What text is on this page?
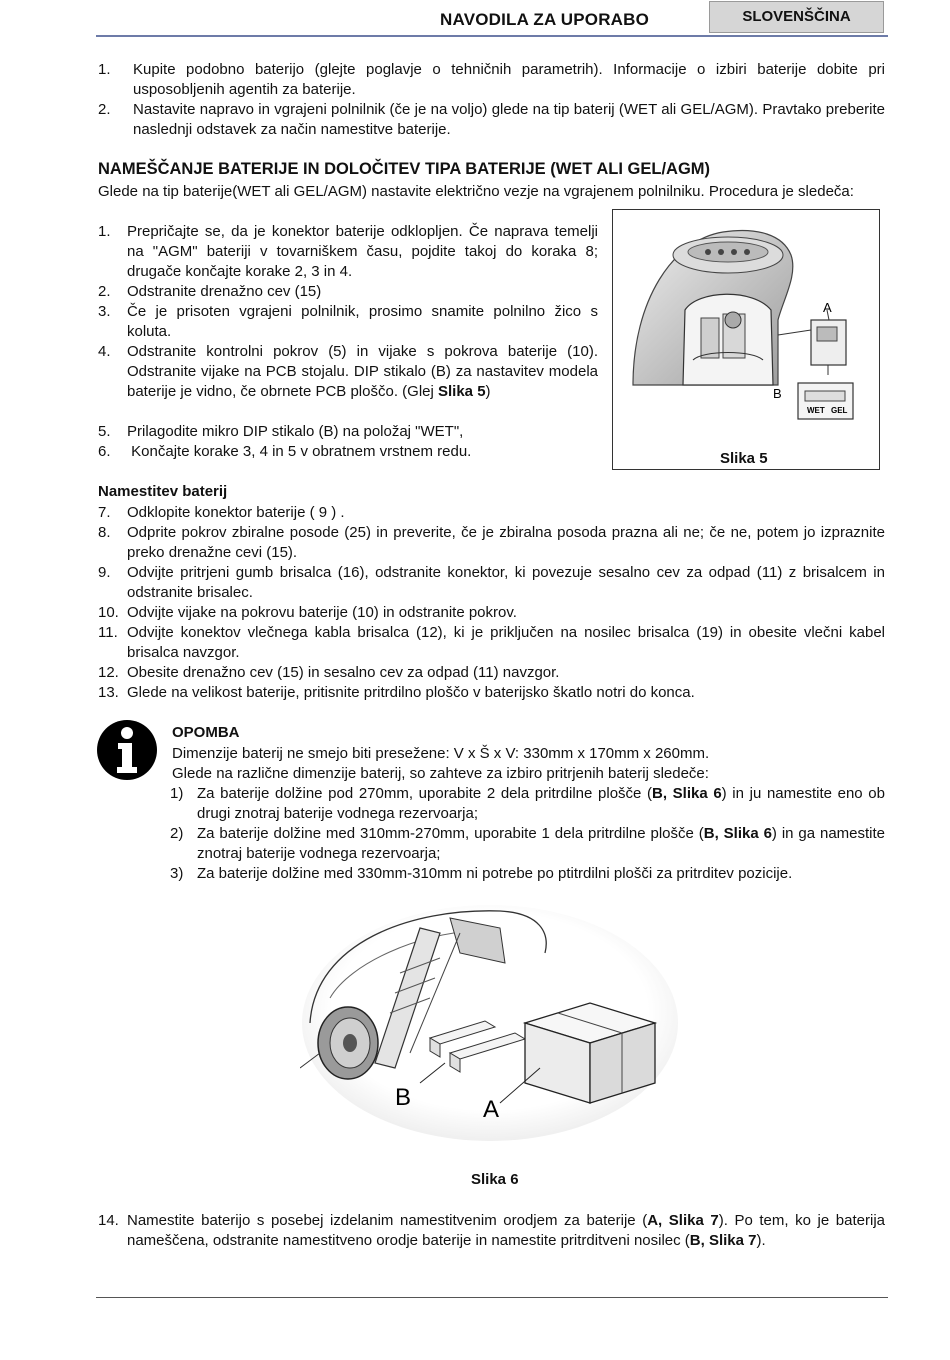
NAVODILA ZA UPORABO	SLOVENŠČINA
1. Kupite podobno baterijo (glejte poglavje o tehničnih parametrih). Informacije o izbiri baterije dobite pri usposobljenih agentih za baterije.
2. Nastavite napravo in vgrajeni polnilnik (če je na voljo) glede na tip baterij (WET ali GEL/AGM). Pravtako preberite naslednji odstavek za način namestitve baterije.
NAMEŠČANJE BATERIJE IN DOLOČITEV TIPA BATERIJE (WET ALI GEL/AGM)
Glede na tip baterije(WET ali GEL/AGM) nastavite električno vezje na vgrajenem polnilniku. Procedura je sledeča:
1. Prepričajte se, da je konektor baterije odklopljen. Če naprava temelji na "AGM" bateriji v tovarniškem času, pojdite takoj do koraka 8; drugače končajte korake 2, 3 in 4.
2. Odstranite drenažno cev (15)
3. Če je prisoten vgrajeni polnilnik, prosimo snamite polnilno žico s koluta.
4. Odstranite kontrolni pokrov (5) in vijake s pokrova baterije (10). Odstranite vijake na PCB stojalu. DIP stikalo (B) za nastavitev modela baterije je vidno, če obrnete PCB ploščo. (Glej Slika 5)
5. Prilagodite mikro DIP stikalo (B) na položaj "WET",
6. Končajte korake 3, 4 in 5 v obratnem vrstnem redu.
A
B
WET GEL
Slika 5
Namestitev baterij
7. Odklopite konektor baterije ( 9 ) .
8. Odprite pokrov zbiralne posode (25) in preverite, če je zbiralna posoda prazna ali ne; če ne, potem jo izpraznite preko drenažne cevi (15).
9. Odvijte pritrjeni gumb brisalca (16), odstranite konektor, ki povezuje sesalno cev za odpad (11) z brisalcem in odstranite brisalec.
10. Odvijte vijake na pokrovu baterije (10) in odstranite pokrov.
11. Odvijte konektov vlečnega kabla brisalca (12), ki je priključen na nosilec brisalca (19) in obesite vlečni kabel brisalca navzgor.
12. Obesite drenažno cev (15) in sesalno cev za odpad (11) navzgor.
13. Glede na velikost baterije, pritisnite pritrdilno ploščo v baterijsko škatlo notri do konca.
OPOMBA
Dimenzije baterij ne smejo biti presežene: V x Š x V: 330mm x 170mm x 260mm.
Glede na različne dimenzije baterij, so zahteve za izbiro pritrjenih baterij sledeče:
1) Za baterije dolžine pod 270mm, uporabite 2 dela pritrdilne plošče (B, Slika 6) in ju namestite eno ob drugi znotraj baterije vodnega rezervoarja;
2) Za baterije dolžine med 310mm-270mm, uporabite 1 dela pritrdilne plošče (B, Slika 6) in ga namestite znotraj baterije vodnega rezervoarja;
3) Za baterije dolžine med 330mm-310mm ni potrebe po ptitrdilni plošči za pritrditev pozicije.
B	A
Slika 6
14. Namestite baterijo s posebej izdelanim namestitvenim orodjem za baterije (A, Slika 7). Po tem, ko je baterija nameščena, odstranite namestitveno orodje baterije in namestite pritrditveni nosilec (B, Slika 7).
